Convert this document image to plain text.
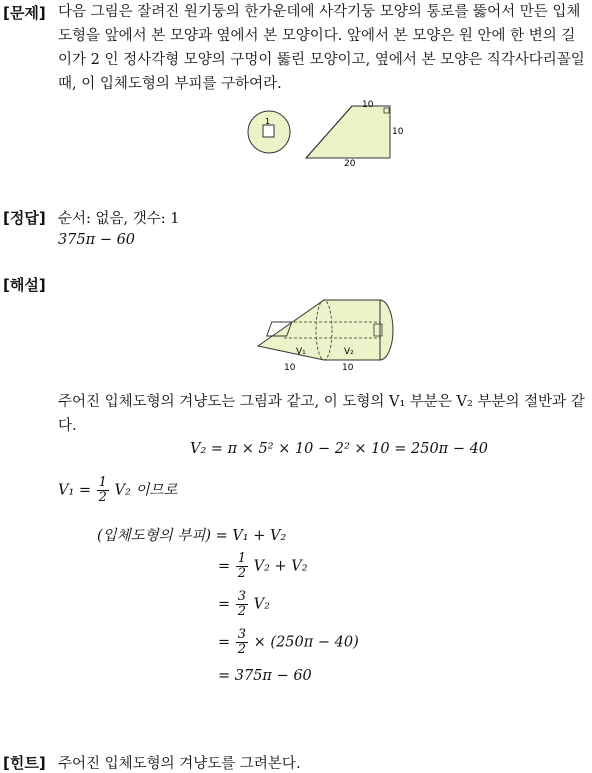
[문제] 다음 그림은 잘려진 원기둥의 한가운데에 사각기둥 모양의 통로를 뚫어서 만든 입체도형을 앞에서 본 모양과 옆에서 본 모양이다. 앞에서 본 모양은 원 안에 한 변의 길이가 2 인 정사각형 모양의 구멍이 뚫린 모양이고, 옆에서 본 모양은 직각사다리꼴일 때, 이 입체도형의 부피를 구하여라.
1
10
10
20
[정답] 순서: 없음, 갯수: 1
375π − 60
[해설]
V₁	V₂
10	10
주어진 입체도형의 겨냥도는 그림과 같고, 이 도형의 V₁ 부분은 V₂ 부분의 절반과 같다.
V₂ = π × 5² × 10 − 2² × 10 = 250π − 40
$V_1 = \frac{1}{2} V_2$ 이므로
(입체도형의 부피) = V₁ + V₂
= $\frac{1}{2} V_2 + V_2$
= $\frac{3}{2} V_2$
= $\frac{3}{2} \times (250\pi - 40)$
= 375π − 60
[힌트] 주어진 입체도형의 겨냥도를 그려본다.
